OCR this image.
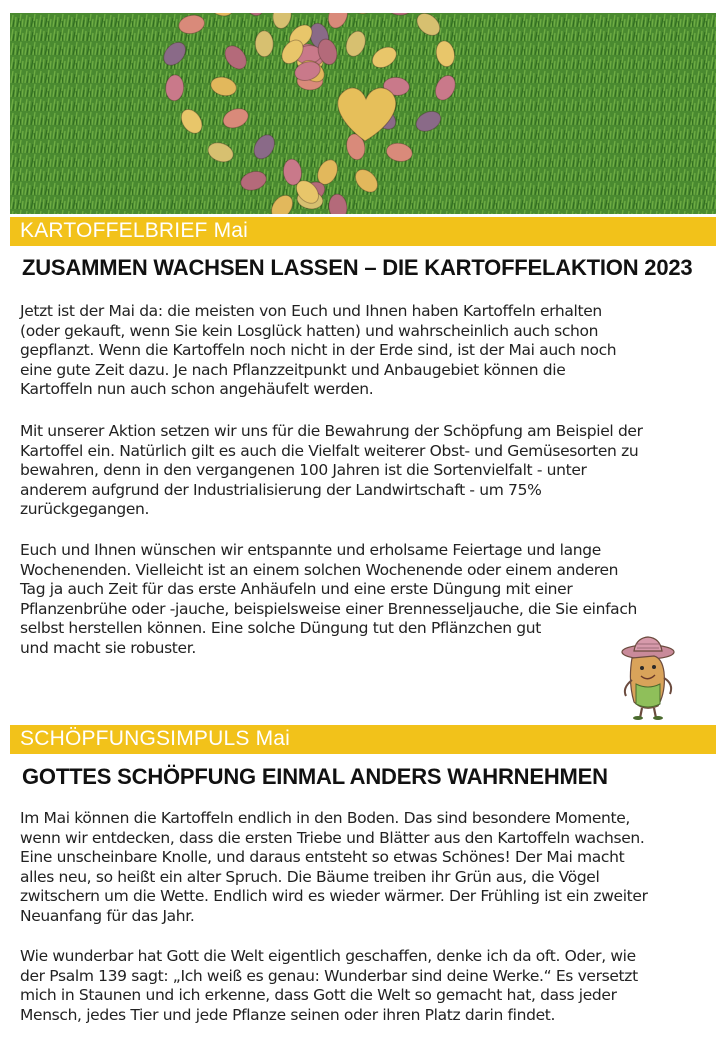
KARTOFFELBRIEF Mai
ZUSAMMEN WACHSEN LASSEN – DIE KARTOFFELAKTION 2023
Jetzt ist der Mai da: die meisten von Euch und Ihnen haben Kartoffeln erhalten
(oder gekauft, wenn Sie kein Losglück hatten) und wahrscheinlich auch schon
gepflanzt. Wenn die Kartoffeln noch nicht in der Erde sind, ist der Mai auch noch
eine gute Zeit dazu. Je nach Pflanzzeitpunkt und Anbaugebiet können die
Kartoffeln nun auch schon angehäufelt werden.
Mit unserer Aktion setzen wir uns für die Bewahrung der Schöpfung am Beispiel der
Kartoffel ein. Natürlich gilt es auch die Vielfalt weiterer Obst- und Gemüsesorten zu
bewahren, denn in den vergangenen 100 Jahren ist die Sortenvielfalt - unter
anderem aufgrund der Industrialisierung der Landwirtschaft - um 75%
zurückgegangen.
Euch und Ihnen wünschen wir entspannte und erholsame Feiertage und lange
Wochenenden. Vielleicht ist an einem solchen Wochenende oder einem anderen
Tag ja auch Zeit für das erste Anhäufeln und eine erste Düngung mit einer
Pflanzenbrühe oder -jauche, beispielsweise einer Brennesseljauche, die Sie einfach
selbst herstellen können. Eine solche Düngung tut den Pflänzchen gut
und macht sie robuster.
SCHÖPFUNGSIMPULS Mai
GOTTES SCHÖPFUNG EINMAL ANDERS WAHRNEHMEN
Im Mai können die Kartoffeln endlich in den Boden. Das sind besondere Momente,
wenn wir entdecken, dass die ersten Triebe und Blätter aus den Kartoffeln wachsen.
Eine unscheinbare Knolle, und daraus entsteht so etwas Schönes! Der Mai macht
alles neu, so heißt ein alter Spruch. Die Bäume treiben ihr Grün aus, die Vögel
zwitschern um die Wette. Endlich wird es wieder wärmer. Der Frühling ist ein zweiter
Neuanfang für das Jahr.
Wie wunderbar hat Gott die Welt eigentlich geschaffen, denke ich da oft. Oder, wie
der Psalm 139 sagt: „Ich weiß es genau: Wunderbar sind deine Werke.“ Es versetzt
mich in Staunen und ich erkenne, dass Gott die Welt so gemacht hat, dass jeder
Mensch, jedes Tier und jede Pflanze seinen oder ihren Platz darin findet.
